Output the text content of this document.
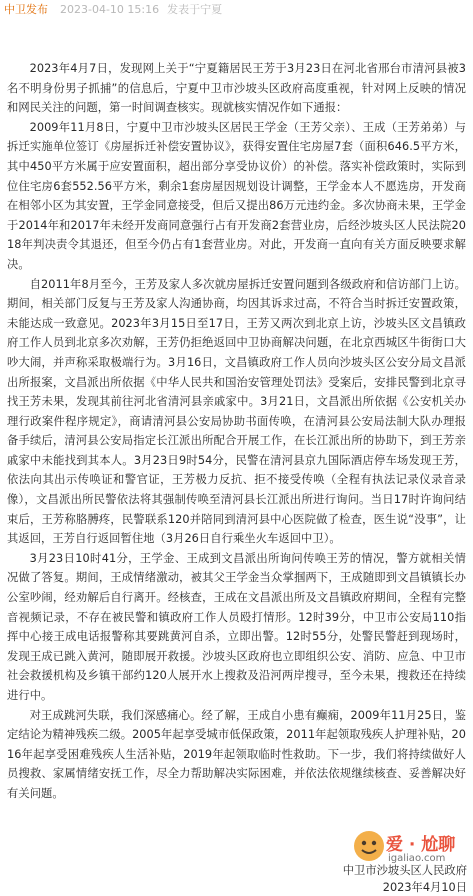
中卫发布 2023-04-10 15:16 发表于宁夏

2023年4月7日，发现网上关于“宁夏籍居民王芳于3月23日在河北省邢台市清河县被3名不明身份男子抓捕”的信息后，宁夏中卫市沙坡头区政府高度重视，针对网上反映的情况和网民关注的问题，第一时间调查核实。现就核实情况作如下通报：

2009年11月8日，宁夏中卫市沙坡头区居民王学金（王芳父亲）、王成（王芳弟弟）与拆迁实施单位签订《房屋拆迁补偿安置协议》，获得安置住宅房屋7套（面积646.5平方米，其中450平方米属于应安置面积，超出部分享受协议价）的补偿。落实补偿政策时，实际到位住宅房6套552.56平方米，剩余1套房屋因规划设计调整，王学金本人不愿选房，开发商在相邻小区为其安置，王学金同意接受，但后又提出86万元违约金。多次协商未果，王学金于2014年和2017年未经开发商同意强行占有开发商2套营业房，后经沙坡头区人民法院2018年判决责令其退还，但至今仍占有1套营业房。对此，开发商一直向有关方面反映要求解决。

自2011年8月至今，王芳及家人多次就房屋拆迁安置问题到各级政府和信访部门上访。期间，相关部门反复与王芳及家人沟通协商，均因其诉求过高，不符合当时拆迁安置政策，未能达成一致意见。2023年3月15日至17日，王芳又两次到北京上访，沙坡头区文昌镇政府工作人员到北京多次劝解，王芳仍拒绝返回中卫协商解决问题，在北京西城区牛街街口大吵大闹，并声称采取极端行为。3月16日，文昌镇政府工作人员向沙坡头区公安分局文昌派出所报案，文昌派出所依据《中华人民共和国治安管理处罚法》受案后，安排民警到北京寻找王芳未果，发现其前往河北省清河县亲戚家中。3月21日，文昌派出所依据《公安机关办理行政案件程序规定》，商请清河县公安局协助书面传唤，在清河县公安局法制大队办理报备手续后，清河县公安局指定长江派出所配合开展工作，在长江派出所的协助下，到王芳亲戚家中未能找到其本人。3月23日9时54分，民警在清河县京九国际酒店停车场发现王芳，依法向其出示传唤证和警官证，王芳极力反抗、拒不接受传唤（全程有执法记录仪录音录像），文昌派出所民警依法将其强制传唤至清河县长江派出所进行询问。当日17时许询问结束后，王芳称胳膊疼，民警联系120并陪同到清河县中心医院做了检查，医生说“没事”，让其返回，王芳自行返回暂住地（3月26日自行乘坐火车返回中卫）。

3月23日10时41分，王学金、王成到文昌派出所询问传唤王芳的情况，警方就相关情况做了答复。期间，王成情绪激动，被其父王学金当众掌掴两下，王成随即到文昌镇镇长办公室吵闹，经劝解后自行离开。经核查，王成在文昌派出所及文昌镇政府期间，全程有完整音视频记录，不存在被民警和镇政府工作人员殴打情形。12时39分，中卫市公安局110指挥中心接王成电话报警称其要跳黄河自杀，立即出警。12时55分，处警民警赶到现场时，发现王成已跳入黄河，随即展开救援。沙坡头区政府也立即组织公安、消防、应急、中卫市社会救援机构及乡镇干部约120人展开水上搜救及沿河两岸搜寻，至今未果，搜救还在持续进行中。

对王成跳河失联，我们深感痛心。经了解，王成自小患有癫痫，2009年11月25日，鉴定结论为精神残疾二级。2005年起享受城市低保政策，2011年起领取残疾人护理补贴，2016年起享受困难残疾人生活补贴，2019年起领取临时性救助。下一步，我们将持续做好人员搜救、家属情绪安抚工作，尽全力帮助解决实际困难，并依法依规继续核查、妥善解决好有关问题。

爱 · 尬聊
igaliao.com
中卫市沙坡头区人民政府
2023年4月10日
